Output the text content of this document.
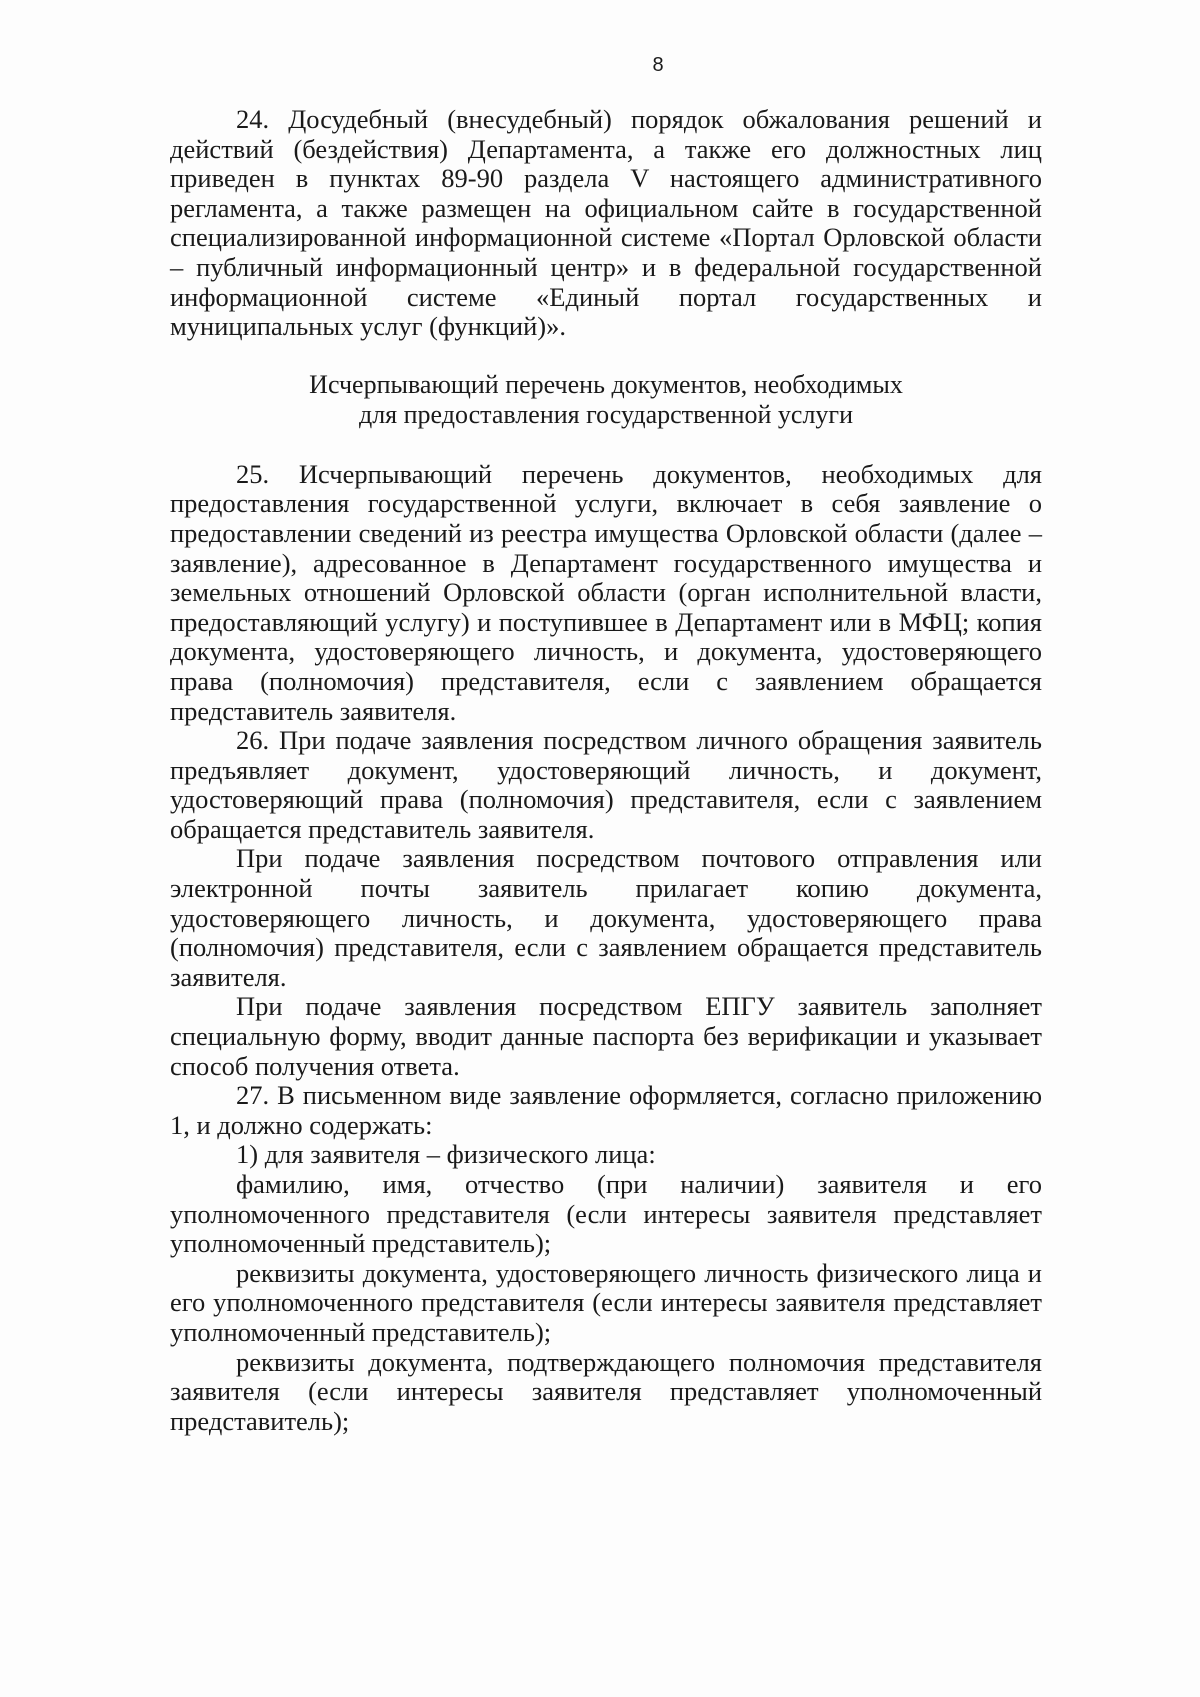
8

24. Досудебный (внесудебный) порядок обжалования решений и действий (бездействия) Департамента, а также его должностных лиц приведен в пунктах 89-90 раздела V настоящего административного регламента, а также размещен на официальном сайте в государственной специализированной информационной системе «Портал Орловской области – публичный информационный центр» и в федеральной государственной информационной системе «Единый портал государственных и муниципальных услуг (функций)».

Исчерпывающий перечень документов, необходимых
для предоставления государственной услуги

25. Исчерпывающий перечень документов, необходимых для предоставления государственной услуги, включает в себя заявление о предоставлении сведений из реестра имущества Орловской области (далее – заявление), адресованное в Департамент государственного имущества и земельных отношений Орловской области (орган исполнительной власти, предоставляющий услугу) и поступившее в Департамент или в МФЦ; копия документа, удостоверяющего личность, и документа, удостоверяющего права (полномочия) представителя, если с заявлением обращается представитель заявителя.

26. При подаче заявления посредством личного обращения заявитель предъявляет документ, удостоверяющий личность, и документ, удостоверяющий права (полномочия) представителя, если с заявлением обращается представитель заявителя.

При подаче заявления посредством почтового отправления или электронной почты заявитель прилагает копию документа, удостоверяющего личность, и документа, удостоверяющего права (полномочия) представителя, если с заявлением обращается представитель заявителя.

При подаче заявления посредством ЕПГУ заявитель заполняет специальную форму, вводит данные паспорта без верификации и указывает способ получения ответа.

27. В письменном виде заявление оформляется, согласно приложению 1, и должно содержать:

1) для заявителя – физического лица:

фамилию, имя, отчество (при наличии) заявителя и его уполномоченного представителя (если интересы заявителя представляет уполномоченный представитель);

реквизиты документа, удостоверяющего личность физического лица и его уполномоченного представителя (если интересы заявителя представляет уполномоченный представитель);

реквизиты документа, подтверждающего полномочия представителя заявителя (если интересы заявителя представляет уполномоченный представитель);
